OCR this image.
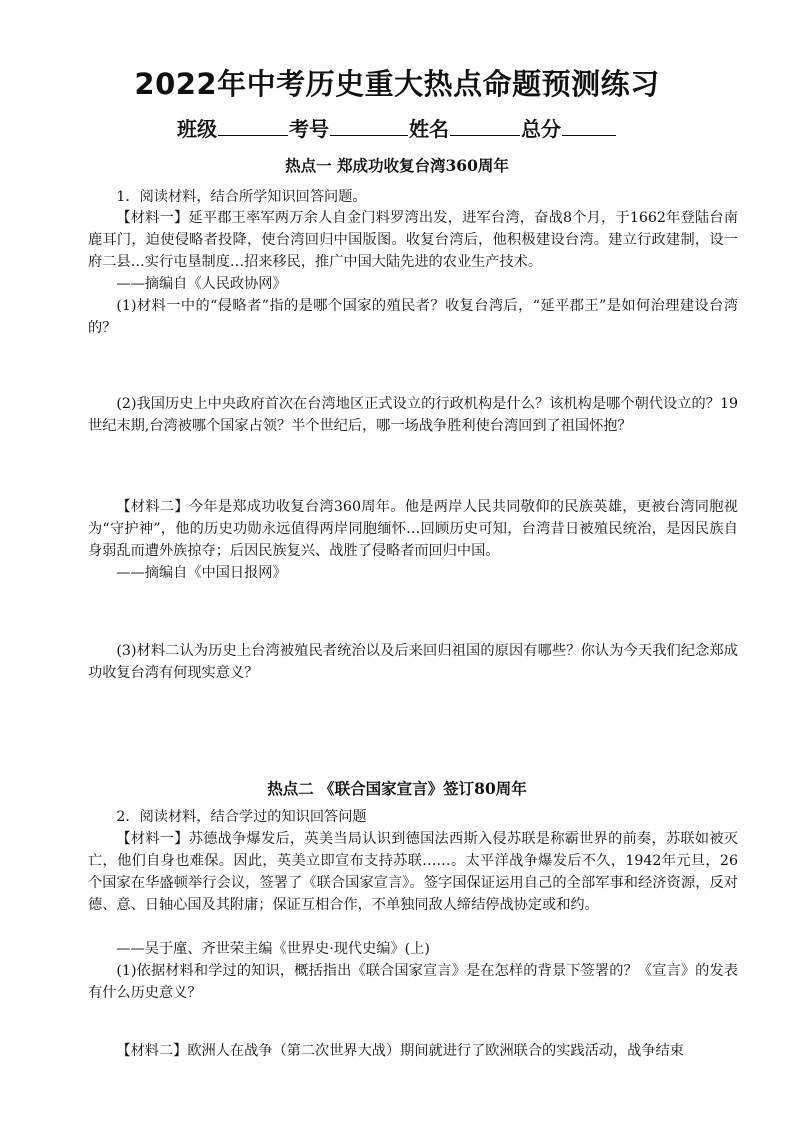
2022年中考历史重大热点命题预测练习
班级	考号	姓名	总分
热点一 郑成功收复台湾360周年

1．阅读材料，结合所学知识回答问题。

【材料一】延平郡王率军两万余人自金门料罗湾出发，进军台湾，奋战8个月，于1662年登陆台南鹿耳门，迫使侵略者投降，使台湾回归中国版图。收复台湾后，他积极建设台湾。建立行政建制，设一府二县…实行屯垦制度…招来移民，推广中国大陆先进的农业生产技术。

——摘编自《人民政协网》

(1)材料一中的“侵略者”指的是哪个国家的殖民者？收复台湾后，“延平郡王”是如何治理建设台湾的？

(2)我国历史上中央政府首次在台湾地区正式设立的行政机构是什么？该机构是哪个朝代设立的？19世纪末期,台湾被哪个国家占领？半个世纪后，哪一场战争胜利使台湾回到了祖国怀抱？

【材料二】今年是郑成功收复台湾360周年。他是两岸人民共同敬仰的民族英雄，更被台湾同胞视为“守护神”，他的历史功勋永远值得两岸同胞缅怀…回顾历史可知，台湾昔日被殖民统治，是因民族自身弱乱而遭外族掠夺；后因民族复兴、战胜了侵略者而回归中国。

——摘编自《中国日报网》

(3)材料二认为历史上台湾被殖民者统治以及后来回归祖国的原因有哪些？你认为今天我们纪念郑成功收复台湾有何现实意义？

热点二 《联合国家宣言》签订80周年

2．阅读材料，结合学过的知识回答问题

【材料一】苏德战争爆发后，英美当局认识到德国法西斯入侵苏联是称霸世界的前奏，苏联如被灭亡，他们自身也难保。因此，英美立即宣布支持苏联……。太平洋战争爆发后不久，1942年元旦，26个国家在华盛顿举行会议，签署了《联合国家宣言》。签字国保证运用自己的全部军事和经济资源，反对德、意、日轴心国及其附庸；保证互相合作，不单独同敌人缔结停战协定或和约。

——吴于廑、齐世荣主编《世界史·现代史编》(上)

(1)依据材料和学过的知识，概括指出《联合国家宣言》是在怎样的背景下签署的？《宣言》的发表有什么历史意义？

【材料二】欧洲人在战争（第二次世界大战）期间就进行了欧洲联合的实践活动，战争结束
